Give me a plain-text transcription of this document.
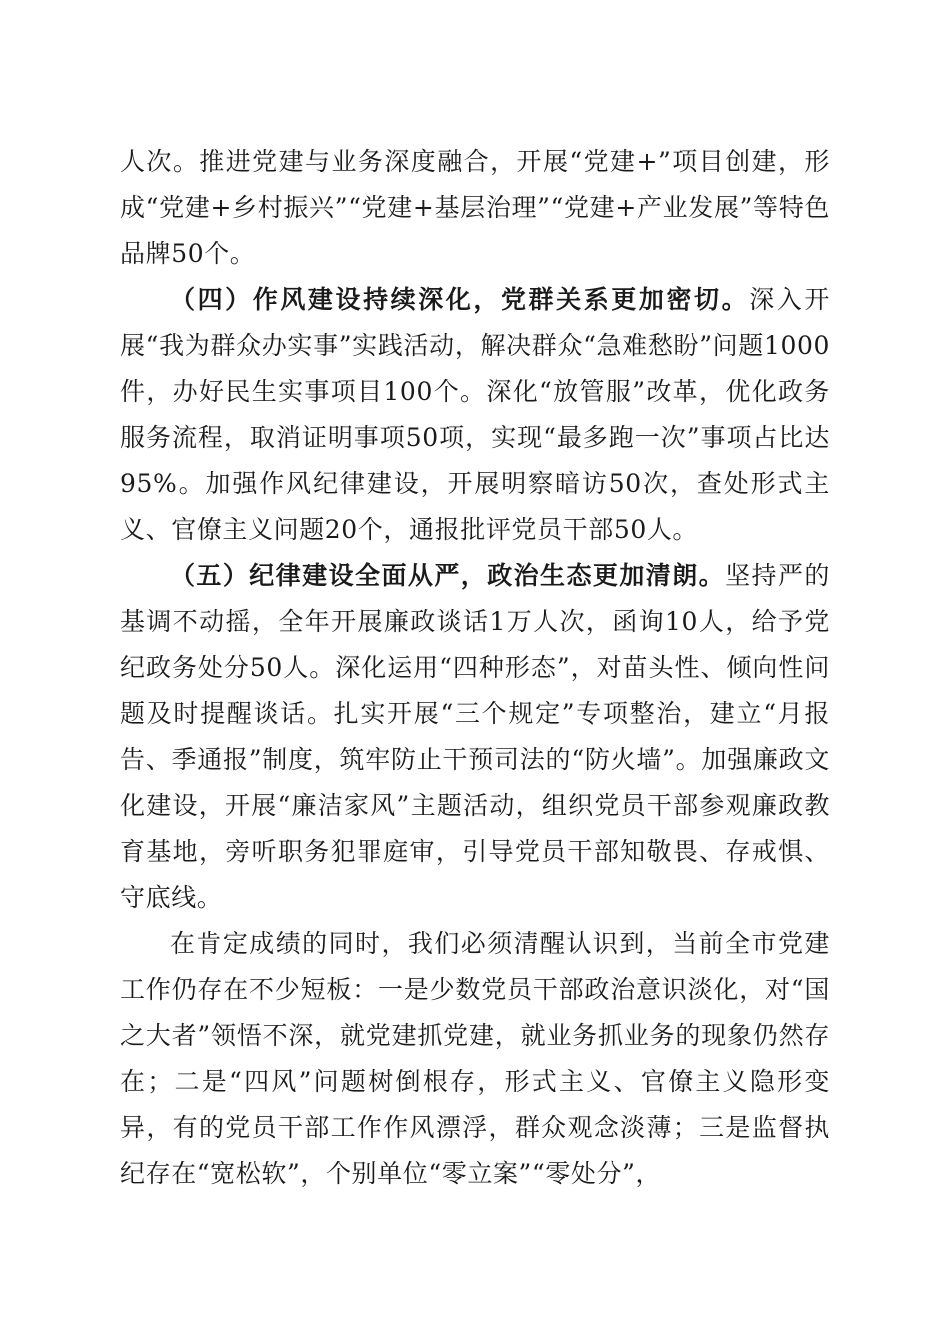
人次。推进党建与业务深度融合，开展“党建+”项目创建，形成“党建+乡村振兴”“党建+基层治理”“党建+产业发展”等特色品牌50个。

（四）作风建设持续深化，党群关系更加密切。深入开展“我为群众办实事”实践活动，解决群众“急难愁盼”问题1000件，办好民生实事项目100个。深化“放管服”改革，优化政务服务流程，取消证明事项50项，实现“最多跑一次”事项占比达95%。加强作风纪律建设，开展明察暗访50次，查处形式主义、官僚主义问题20个，通报批评党员干部50人。

（五）纪律建设全面从严，政治生态更加清朗。坚持严的基调不动摇，全年开展廉政谈话1万人次，函询10人，给予党纪政务处分50人。深化运用“四种形态”，对苗头性、倾向性问题及时提醒谈话。扎实开展“三个规定”专项整治，建立“月报告、季通报”制度，筑牢防止干预司法的“防火墙”。加强廉政文化建设，开展“廉洁家风”主题活动，组织党员干部参观廉政教育基地，旁听职务犯罪庭审，引导党员干部知敬畏、存戒惧、守底线。

在肯定成绩的同时，我们必须清醒认识到，当前全市党建工作仍存在不少短板：一是少数党员干部政治意识淡化，对“国之大者”领悟不深，就党建抓党建，就业务抓业务的现象仍然存在；二是“四风”问题树倒根存，形式主义、官僚主义隐形变异，有的党员干部工作作风漂浮，群众观念淡薄；三是监督执纪存在“宽松软”，个别单位“零立案”“零处分”，
